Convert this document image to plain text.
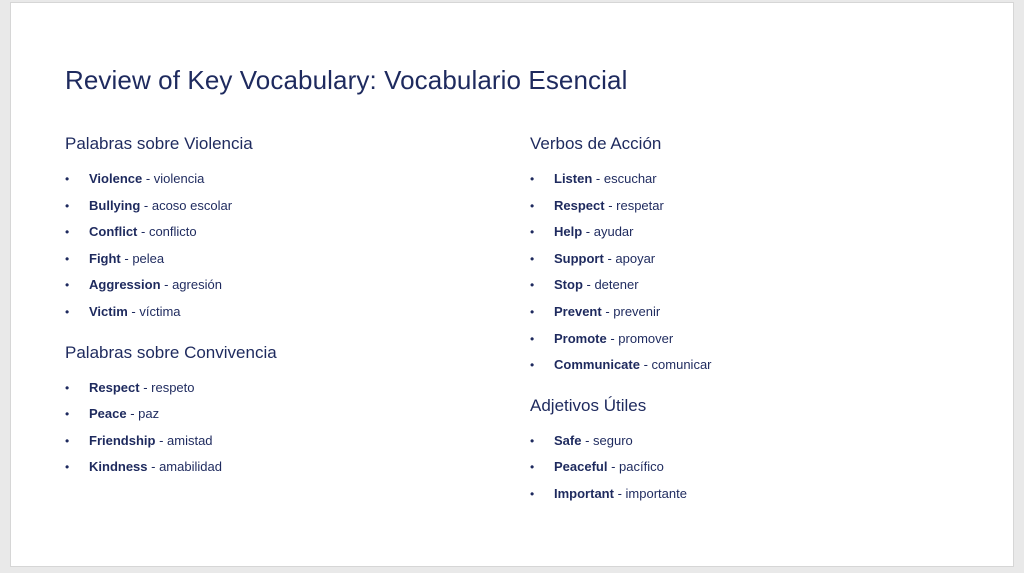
Review of Key Vocabulary: Vocabulario Esencial
Palabras sobre Violencia
• Violence - violencia
• Bullying - acoso escolar
• Conflict - conflicto
• Fight - pelea
• Aggression - agresión
• Victim - víctima
Palabras sobre Convivencia
• Respect - respeto
• Peace - paz
• Friendship - amistad
• Kindness - amabilidad
Verbos de Acción
• Listen - escuchar
• Respect - respetar
• Help - ayudar
• Support - apoyar
• Stop - detener
• Prevent - prevenir
• Promote - promover
• Communicate - comunicar
Adjetivos Útiles
• Safe - seguro
• Peaceful - pacífico
• Important - importante
